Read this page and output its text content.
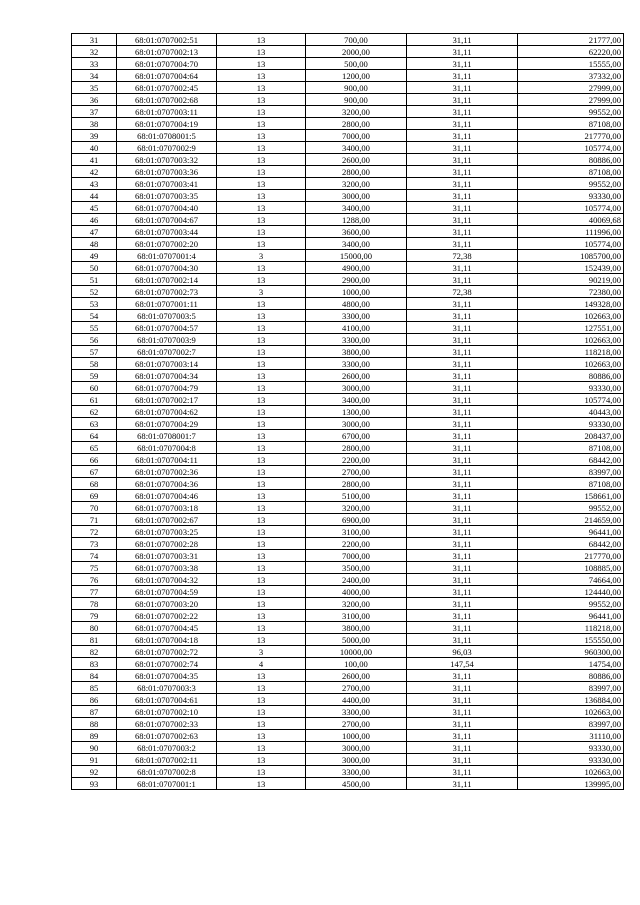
31	68:01:0707002:51	13	700,00	31,11	21777,00
32	68:01:0707002:13	13	2000,00	31,11	62220,00
33	68:01:0707004:70	13	500,00	31,11	15555,00
34	68:01:0707004:64	13	1200,00	31,11	37332,00
35	68:01:0707002:45	13	900,00	31,11	27999,00
36	68:01:0707002:68	13	900,00	31,11	27999,00
37	68:01:0707003:11	13	3200,00	31,11	99552,00
38	68:01:0707004:19	13	2800,00	31,11	87108,00
39	68:01:0708001:5	13	7000,00	31,11	217770,00
40	68:01:0707002:9	13	3400,00	31,11	105774,00
41	68:01:0707003:32	13	2600,00	31,11	80886,00
42	68:01:0707003:36	13	2800,00	31,11	87108,00
43	68:01:0707003:41	13	3200,00	31,11	99552,00
44	68:01:0707003:35	13	3000,00	31,11	93330,00
45	68:01:0707004:40	13	3400,00	31,11	105774,00
46	68:01:0707004:67	13	1288,00	31,11	40069,68
47	68:01:0707003:44	13	3600,00	31,11	111996,00
48	68:01:0707002:20	13	3400,00	31,11	105774,00
49	68:01:0707001:4	3	15000,00	72,38	1085700,00
50	68:01:0707004:30	13	4900,00	31,11	152439,00
51	68:01:0707002:14	13	2900,00	31,11	90219,00
52	68:01:0707002:73	3	1000,00	72,38	72380,00
53	68:01:0707001:11	13	4800,00	31,11	149328,00
54	68:01:0707003:5	13	3300,00	31,11	102663,00
55	68:01:0707004:57	13	4100,00	31,11	127551,00
56	68:01:0707003:9	13	3300,00	31,11	102663,00
57	68:01:0707002:7	13	3800,00	31,11	118218,00
58	68:01:0707003:14	13	3300,00	31,11	102663,00
59	68:01:0707004:34	13	2600,00	31,11	80886,00
60	68:01:0707004:79	13	3000,00	31,11	93330,00
61	68:01:0707002:17	13	3400,00	31,11	105774,00
62	68:01:0707004:62	13	1300,00	31,11	40443,00
63	68:01:0707004:29	13	3000,00	31,11	93330,00
64	68:01:0708001:7	13	6700,00	31,11	208437,00
65	68:01:0707004:8	13	2800,00	31,11	87108,00
66	68:01:0707004:11	13	2200,00	31,11	68442,00
67	68:01:0707002:36	13	2700,00	31,11	83997,00
68	68:01:0707004:36	13	2800,00	31,11	87108,00
69	68:01:0707004:46	13	5100,00	31,11	158661,00
70	68:01:0707003:18	13	3200,00	31,11	99552,00
71	68:01:0707002:67	13	6900,00	31,11	214659,00
72	68:01:0707003:25	13	3100,00	31,11	96441,00
73	68:01:0707002:28	13	2200,00	31,11	68442,00
74	68:01:0707003:31	13	7000,00	31,11	217770,00
75	68:01:0707003:38	13	3500,00	31,11	108885,00
76	68:01:0707004:32	13	2400,00	31,11	74664,00
77	68:01:0707004:59	13	4000,00	31,11	124440,00
78	68:01:0707003:20	13	3200,00	31,11	99552,00
79	68:01:0707002:22	13	3100,00	31,11	96441,00
80	68:01:0707004:45	13	3800,00	31,11	118218,00
81	68:01:0707004:18	13	5000,00	31,11	155550,00
82	68:01:0707002:72	3	10000,00	96,03	960300,00
83	68:01:0707002:74	4	100,00	147,54	14754,00
84	68:01:0707004:35	13	2600,00	31,11	80886,00
85	68:01:0707003:3	13	2700,00	31,11	83997,00
86	68:01:0707004:61	13	4400,00	31,11	136884,00
87	68:01:0707002:10	13	3300,00	31,11	102663,00
88	68:01:0707002:33	13	2700,00	31,11	83997,00
89	68:01:0707002:63	13	1000,00	31,11	31110,00
90	68:01:0707003:2	13	3000,00	31,11	93330,00
91	68:01:0707002:11	13	3000,00	31,11	93330,00
92	68:01:0707002:8	13	3300,00	31,11	102663,00
93	68:01:0707001:1	13	4500,00	31,11	139995,00
